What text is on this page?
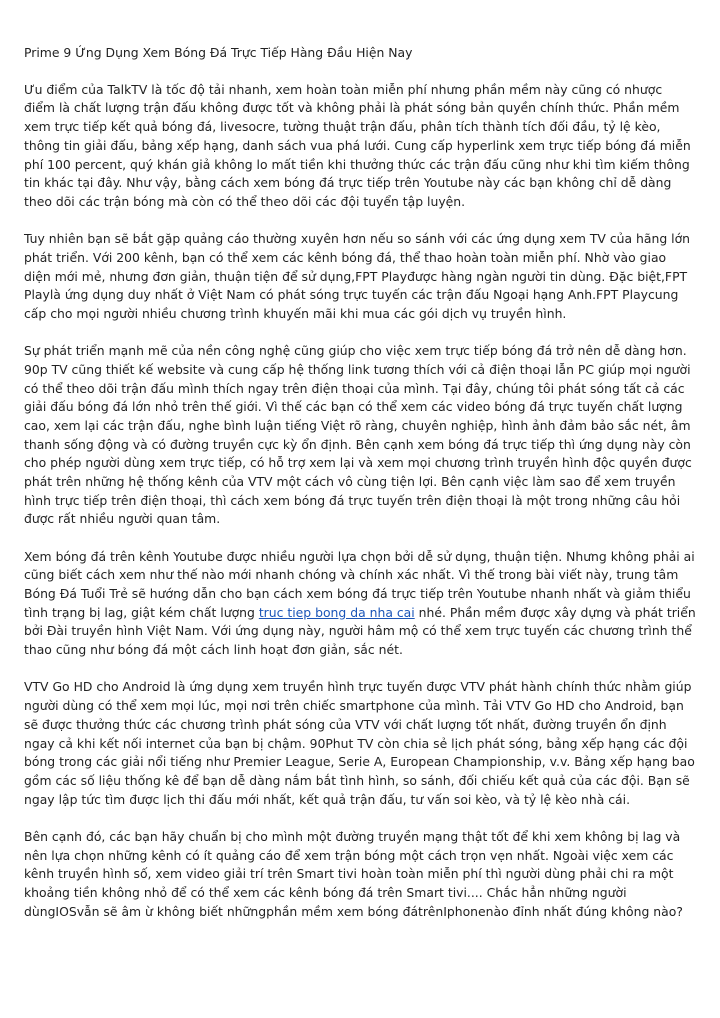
Prime 9 Ứng Dụng Xem Bóng Đá Trực Tiếp Hàng Đầu Hiện Nay

Ưu điểm của TalkTV là tốc độ tải nhanh, xem hoàn toàn miễn phí nhưng phần mềm này cũng có nhược điểm là chất lượng trận đấu không được tốt và không phải là phát sóng bản quyền chính thức. Phần mềm xem trực tiếp kết quả bóng đá, livesocre, tường thuật trận đấu, phân tích thành tích đối đầu, tỷ lệ kèo, thông tin giải đấu, bảng xếp hạng, danh sách vua phá lưới. Cung cấp hyperlink xem trực tiếp bóng đá miễn phí 100 percent, quý khán giả không lo mất tiền khi thưởng thức các trận đấu cũng như khi tìm kiếm thông tin khác tại đây. Như vậy, bằng cách xem bóng đá trực tiếp trên Youtube này các bạn không chỉ dễ dàng theo dõi các trận bóng mà còn có thể theo dõi các đội tuyển tập luyện.

Tuy nhiên bạn sẽ bắt gặp quảng cáo thường xuyên hơn nếu so sánh với các ứng dụng xem TV của hãng lớn phát triển. Với 200 kênh, bạn có thể xem các kênh bóng đá, thể thao hoàn toàn miễn phí. Nhờ vào giao diện mới mẻ, nhưng đơn giản, thuận tiện để sử dụng,FPT Playđược hàng ngàn người tin dùng. Đặc biệt,FPT Playlà ứng dụng duy nhất ở Việt Nam có phát sóng trực tuyến các trận đấu Ngoại hạng Anh.FPT Playcung cấp cho mọi người nhiều chương trình khuyến mãi khi mua các gói dịch vụ truyền hình.

Sự phát triển mạnh mẽ của nền công nghệ cũng giúp cho việc xem trực tiếp bóng đá trở nên dễ dàng hơn. 90p TV cũng thiết kế website và cung cấp hệ thống link tương thích với cả điện thoại lẫn PC giúp mọi người có thể theo dõi trận đấu mình thích ngay trên điện thoại của mình. Tại đây, chúng tôi phát sóng tất cả các giải đấu bóng đá lớn nhỏ trên thế giới. Vì thế các bạn có thể xem các video bóng đá trực tuyến chất lượng cao, xem lại các trận đấu, nghe bình luận tiếng Việt rõ ràng, chuyên nghiệp, hình ảnh đảm bảo sắc nét, âm thanh sống động và có đường truyền cực kỳ ổn định. Bên cạnh xem bóng đá trực tiếp thì ứng dụng này còn cho phép người dùng xem trực tiếp, có hỗ trợ xem lại và xem mọi chương trình truyền hình độc quyền được phát trên những hệ thống kênh của VTV một cách vô cùng tiện lợi. Bên cạnh việc làm sao để xem truyền hình trực tiếp trên điện thoại, thì cách xem bóng đá trực tuyến trên điện thoại là một trong những câu hỏi được rất nhiều người quan tâm.

Xem bóng đá trên kênh Youtube được nhiều người lựa chọn bởi dễ sử dụng, thuận tiện. Nhưng không phải ai cũng biết cách xem như thế nào mới nhanh chóng và chính xác nhất. Vì thế trong bài viết này, trung tâm Bóng Đá Tuổi Trẻ sẽ hướng dẫn cho bạn cách xem bóng đá trực tiếp trên Youtube nhanh nhất và giảm thiểu tình trạng bị lag, giật kém chất lượng truc tiep bong da nha cai nhé. Phần mềm được xây dựng và phát triển bởi Đài truyền hình Việt Nam. Với ứng dụng này, người hâm mộ có thể xem trực tuyến các chương trình thể thao cũng như bóng đá một cách linh hoạt đơn giản, sắc nét.

VTV Go HD cho Android là ứng dụng xem truyền hình trực tuyến được VTV phát hành chính thức nhằm giúp người dùng có thể xem mọi lúc, mọi nơi trên chiếc smartphone của mình. Tải VTV Go HD cho Android, bạn sẽ được thưởng thức các chương trình phát sóng của VTV với chất lượng tốt nhất, đường truyền ổn định ngay cả khi kết nối internet của bạn bị chậm. 90Phut TV còn chia sẻ lịch phát sóng, bảng xếp hạng các đội bóng trong các giải nổi tiếng như Premier League, Serie A, European Championship, v.v. Bảng xếp hạng bao gồm các số liệu thống kê để bạn dễ dàng nắm bắt tình hình, so sánh, đối chiếu kết quả của các đội. Bạn sẽ ngay lập tức tìm được lịch thi đấu mới nhất, kết quả trận đấu, tư vấn soi kèo, và tỷ lệ kèo nhà cái.

Bên cạnh đó, các bạn hãy chuẩn bị cho mình một đường truyền mạng thật tốt để khi xem không bị lag và nên lựa chọn những kênh có ít quảng cáo để xem trận bóng một cách trọn vẹn nhất. Ngoài việc xem các kênh truyền hình số, xem video giải trí trên Smart tivi hoàn toàn miễn phí thì người dùng phải chi ra một khoảng tiền không nhỏ để có thể xem các kênh bóng đá trên Smart tivi.... Chắc hẳn những người dùngIOSvẫn sẽ âm ừ không biết nhữngphần mềm xem bóng đátrênIphonenào đỉnh nhất đúng không nào?
